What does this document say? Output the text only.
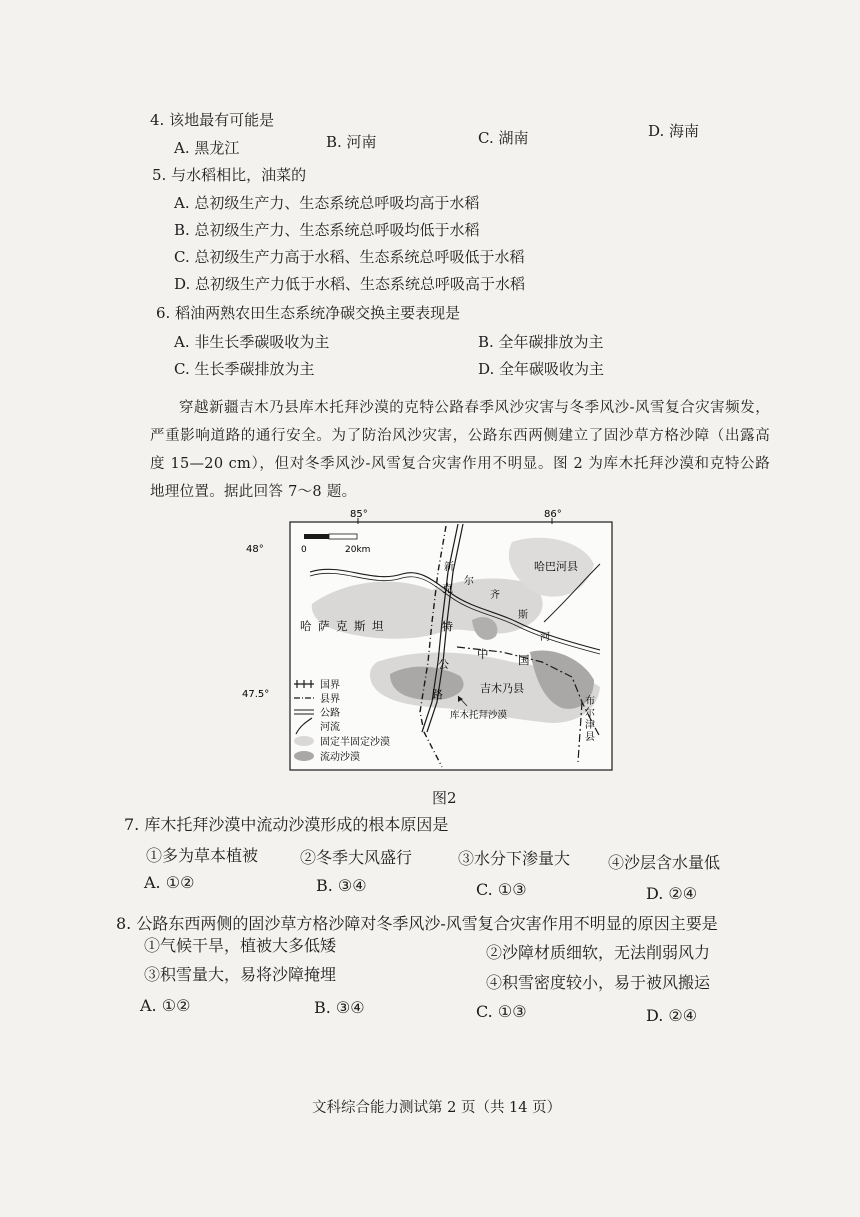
4. 该地最有可能是
A. 黑龙江	B. 河南	C. 湖南	D. 海南
5. 与水稻相比，油菜的
A. 总初级生产力、生态系统总呼吸均高于水稻
B. 总初级生产力、生态系统总呼吸均低于水稻
C. 总初级生产力高于水稻、生态系统总呼吸低于水稻
D. 总初级生产力低于水稻、生态系统总呼吸高于水稻
6. 稻油两熟农田生态系统净碳交换主要表现是
A. 非生长季碳吸收为主	B. 全年碳排放为主
C. 生长季碳排放为主	D. 全年碳吸收为主
穿越新疆吉木乃县库木托拜沙漠的克特公路春季风沙灾害与冬季风沙-风雪复合灾害频发，严重影响道路的通行安全。为了防治风沙灾害，公路东西两侧建立了固沙草方格沙障（出露高度 15—20 cm），但对冬季风沙-风雪复合灾害作用不明显。图 2 为库木托拜沙漠和克特公路地理位置。据此回答 7～8 题。
0	20km
85°	86°
48°
47.5°
哈巴河县
哈 萨 克 斯 坦
中	国
吉木乃县
布
尔
津
县
库木托拜沙漠
克
特
公
路
新
尔
齐
斯
河
国界
县界
公路
河流
固定半固定沙漠
流动沙漠
图2
7. 库木托拜沙漠中流动沙漠形成的根本原因是
①多为草本植被	②冬季大风盛行	③水分下渗量大 ④沙层含水量低
A. ①②	B. ③④	C. ①③	D. ②④
8. 公路东西两侧的固沙草方格沙障对冬季风沙-风雪复合灾害作用不明显的原因主要是
①气候干旱，植被大多低矮	②沙障材质细软，无法削弱风力
③积雪量大，易将沙障掩埋	④积雪密度较小，易于被风搬运
A. ①②	B. ③④	C. ①③	D. ②④
文科综合能力测试第 2 页（共 14 页）
